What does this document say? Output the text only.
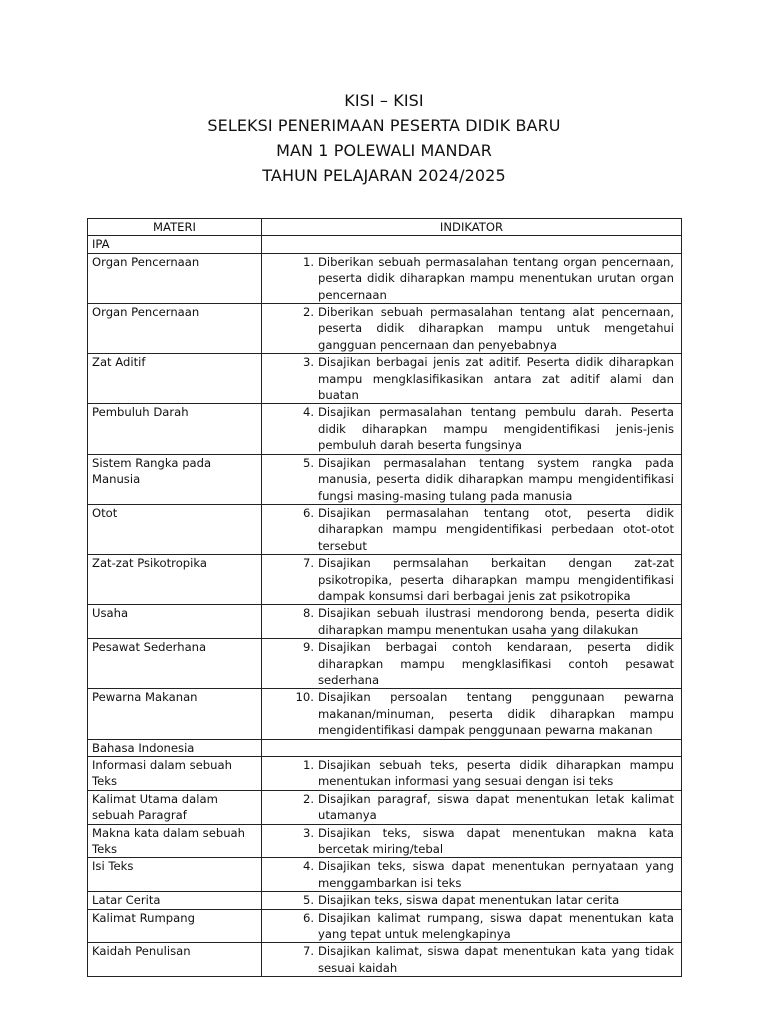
KISI – KISI
SELEKSI PENERIMAAN PESERTA DIDIK BARU
MAN 1 POLEWALI MANDAR
TAHUN PELAJARAN 2024/2025
MATERI	INDIKATOR
IPA	
Organ Pencernaan	1. Diberikan sebuah permasalahan tentang organ pencernaan, peserta didik diharapkan mampu menentukan urutan organ pencernaan
Organ Pencernaan	2. Diberikan sebuah permasalahan tentang alat pencernaan, peserta didik diharapkan mampu untuk mengetahui gangguan pencernaan dan penyebabnya
Zat Aditif	3. Disajikan berbagai jenis zat aditif. Peserta didik diharapkan mampu mengklasifikasikan antara zat aditif alami dan buatan
Pembuluh Darah	4. Disajikan permasalahan tentang pembulu darah. Peserta didik diharapkan mampu mengidentifikasi jenis-jenis pembuluh darah beserta fungsinya
Sistem Rangka pada Manusia	5. Disajikan permasalahan tentang system rangka pada manusia, peserta didik diharapkan mampu mengidentifikasi fungsi masing-masing tulang pada manusia
Otot	6. Disajikan permasalahan tentang otot, peserta didik diharapkan mampu mengidentifikasi perbedaan otot-otot tersebut
Zat-zat Psikotropika	7. Disajikan permsalahan berkaitan dengan zat-zat psikotropika, peserta diharapkan mampu mengidentifikasi dampak konsumsi dari berbagai jenis zat psikotropika
Usaha	8. Disajikan sebuah ilustrasi mendorong benda, peserta didik diharapkan mampu menentukan usaha yang dilakukan
Pesawat Sederhana	9. Disajikan berbagai contoh kendaraan, peserta didik diharapkan mampu mengklasifikasi contoh pesawat sederhana
Pewarna Makanan	10. Disajikan persoalan tentang penggunaan pewarna makanan/minuman, peserta didik diharapkan mampu mengidentifikasi dampak penggunaan pewarna makanan
Bahasa Indonesia	
Informasi dalam sebuah Teks	1. Disajikan sebuah teks, peserta didik diharapkan mampu menentukan informasi yang sesuai dengan isi teks
Kalimat Utama dalam sebuah Paragraf	2. Disajikan paragraf, siswa dapat menentukan letak kalimat utamanya
Makna kata dalam sebuah Teks	3. Disajikan teks, siswa dapat menentukan makna kata bercetak miring/tebal
Isi Teks	4. Disajikan teks, siswa dapat menentukan pernyataan yang menggambarkan isi teks
Latar Cerita	5. Disajikan teks, siswa dapat menentukan latar cerita
Kalimat Rumpang	6. Disajikan kalimat rumpang, siswa dapat menentukan kata yang tepat untuk melengkapinya
Kaidah Penulisan	7. Disajikan kalimat, siswa dapat menentukan kata yang tidak sesuai kaidah
